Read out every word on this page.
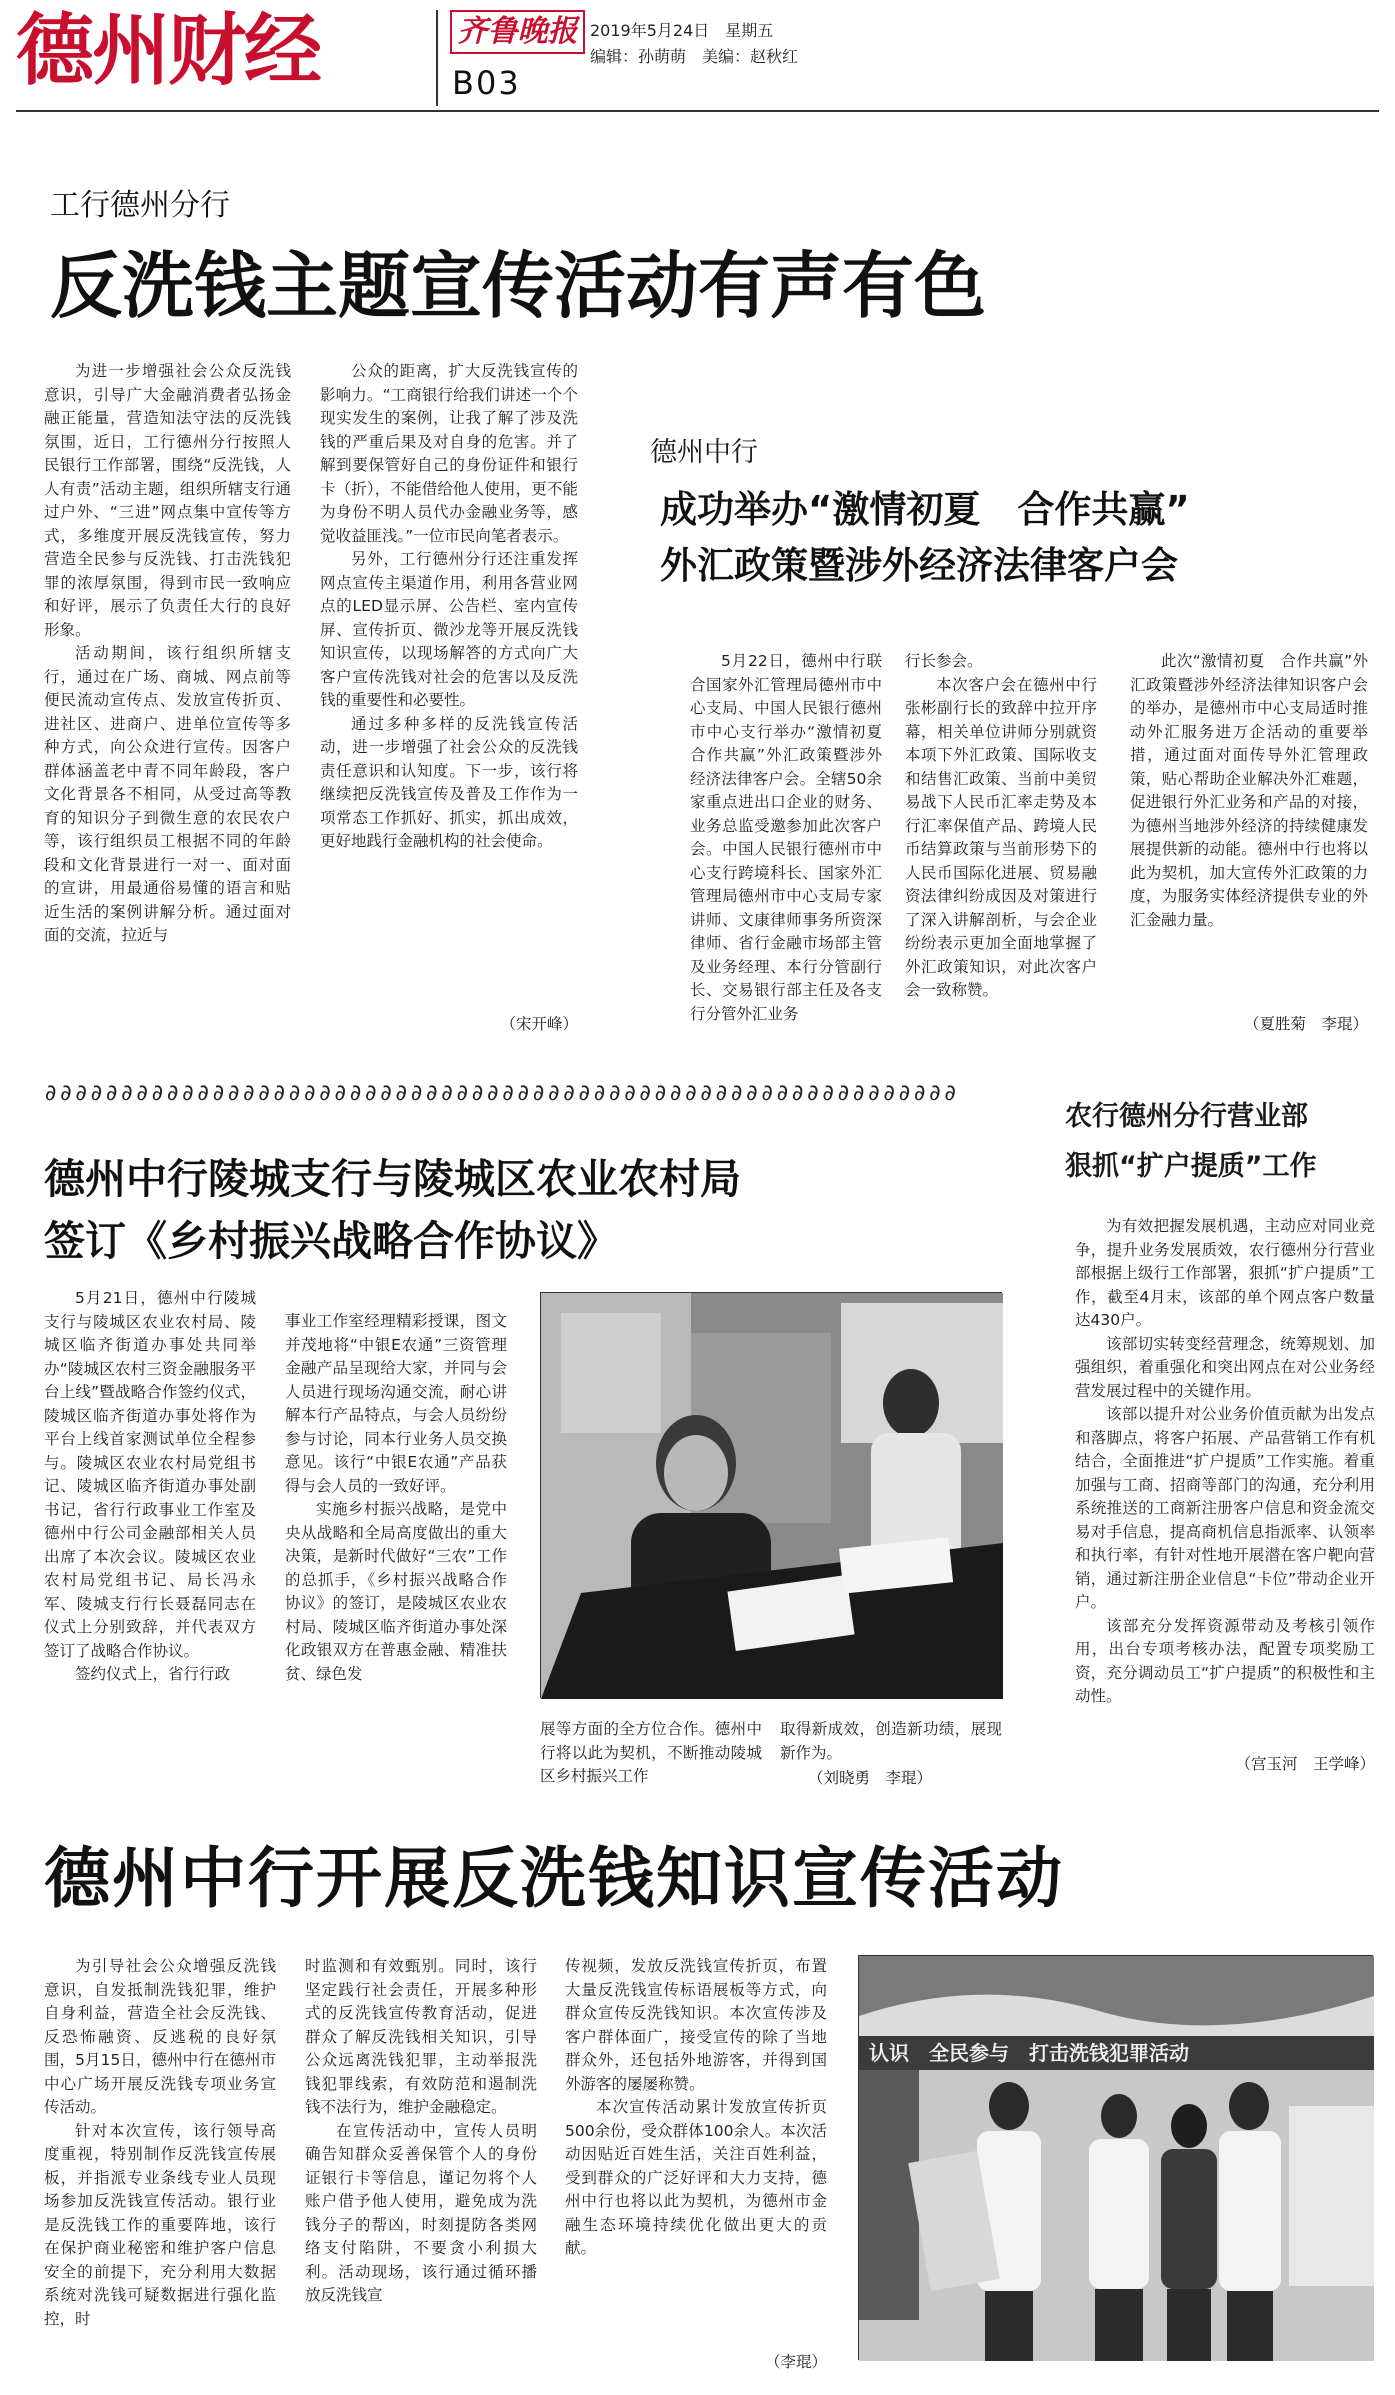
德州财经	齐鲁晚报
B03
2019年5月24日　星期五
编辑：孙萌萌　美编：赵秋红
工行德州分行
反洗钱主题宣传活动有声有色

为进一步增强社会公众反洗钱意识，引导广大金融消费者弘扬金融正能量，营造知法守法的反洗钱氛围，近日，工行德州分行按照人民银行工作部署，围绕“反洗钱，人人有责”活动主题，组织所辖支行通过户外、“三进”网点集中宣传等方式，多维度开展反洗钱宣传，努力营造全民参与反洗钱、打击洗钱犯罪的浓厚氛围，得到市民一致响应和好评，展示了负责任大行的良好形象。

活动期间，该行组织所辖支行，通过在广场、商城、网点前等便民流动宣传点、发放宣传折页、进社区、进商户、进单位宣传等多种方式，向公众进行宣传。因客户群体涵盖老中青不同年龄段，客户文化背景各不相同，从受过高等教育的知识分子到微生意的农民农户等，该行组织员工根据不同的年龄段和文化背景进行一对一、面对面的宣讲，用最通俗易懂的语言和贴近生活的案例讲解分析。通过面对面的交流，拉近与

公众的距离，扩大反洗钱宣传的影响力。“工商银行给我们讲述一个个现实发生的案例，让我了解了涉及洗钱的严重后果及对自身的危害。并了解到要保管好自己的身份证件和银行卡（折），不能借给他人使用，更不能为身份不明人员代办金融业务等，感觉收益匪浅。”一位市民向笔者表示。

另外，工行德州分行还注重发挥网点宣传主渠道作用，利用各营业网点的LED显示屏、公告栏、室内宣传屏、宣传折页、微沙龙等开展反洗钱知识宣传，以现场解答的方式向广大客户宣传洗钱对社会的危害以及反洗钱的重要性和必要性。

通过多种多样的反洗钱宣传活动，进一步增强了社会公众的反洗钱责任意识和认知度。下一步，该行将继续把反洗钱宣传及普及工作作为一项常态工作抓好、抓实，抓出成效，更好地践行金融机构的社会使命。

（宋开峰）
德州中行
成功举办“激情初夏　合作共赢”
外汇政策暨涉外经济法律客户会

5月22日，德州中行联合国家外汇管理局德州市中心支局、中国人民银行德州市中心支行举办“激情初夏　合作共赢”外汇政策暨涉外经济法律客户会。全辖50余家重点进出口企业的财务、业务总监受邀参加此次客户会。中国人民银行德州市中心支行跨境科长、国家外汇管理局德州市中心支局专家讲师、文康律师事务所资深律师、省行金融市场部主管及业务经理、本行分管副行长、交易银行部主任及各支行分管外汇业务

行长参会。

本次客户会在德州中行张彬副行长的致辞中拉开序幕，相关单位讲师分别就资本项下外汇政策、国际收支和结售汇政策、当前中美贸易战下人民币汇率走势及本行汇率保值产品、跨境人民币结算政策与当前形势下的人民币国际化进展、贸易融资法律纠纷成因及对策进行了深入讲解剖析，与会企业纷纷表示更加全面地掌握了外汇政策知识，对此次客户会一致称赞。

此次“激情初夏　合作共赢”外汇政策暨涉外经济法律知识客户会的举办，是德州市中心支局适时推动外汇服务进万企活动的重要举措，通过面对面传导外汇管理政策，贴心帮助企业解决外汇难题，促进银行外汇业务和产品的对接，为德州当地涉外经济的持续健康发展提供新的动能。德州中行也将以此为契机，加大宣传外汇政策的力度，为服务实体经济提供专业的外汇金融力量。

（夏胜菊　李琨）
∂∂∂∂∂∂∂∂∂∂∂∂∂∂∂∂∂∂∂∂∂∂∂∂∂∂∂∂∂∂∂∂∂∂∂∂∂∂∂∂∂∂∂∂∂∂∂∂∂∂∂∂∂∂∂∂∂∂∂∂
德州中行陵城支行与陵城区农业农村局
签订《乡村振兴战略合作协议》

5月21日，德州中行陵城支行与陵城区农业农村局、陵城区临齐街道办事处共同举办“陵城区农村三资金融服务平台上线”暨战略合作签约仪式，陵城区临齐街道办事处将作为平台上线首家测试单位全程参与。陵城区农业农村局党组书记、陵城区临齐街道办事处副书记，省行行政事业工作室及德州中行公司金融部相关人员出席了本次会议。陵城区农业农村局党组书记、局长冯永军、陵城支行行长聂磊同志在仪式上分别致辞，并代表双方签订了战略合作协议。

签约仪式上，省行行政

事业工作室经理精彩授课，图文并茂地将“中银E农通”三资管理金融产品呈现给大家，并同与会人员进行现场沟通交流，耐心讲解本行产品特点，与会人员纷纷参与讨论，同本行业务人员交换意见。该行“中银E农通”产品获得与会人员的一致好评。

实施乡村振兴战略，是党中央从战略和全局高度做出的重大决策，是新时代做好“三农”工作的总抓手，《乡村振兴战略合作协议》的签订，是陵城区农业农村局、陵城区临齐街道办事处深化政银双方在普惠金融、精准扶贫、绿色发

展等方面的全方位合作。德州中行将以此为契机，不断推动陵城区乡村振兴工作

取得新成效，创造新功绩，展现新作为。

（刘晓勇　李琨）
农行德州分行营业部
狠抓“扩户提质”工作

为有效把握发展机遇，主动应对同业竞争，提升业务发展质效，农行德州分行营业部根据上级行工作部署，狠抓“扩户提质”工作，截至4月末，该部的单个网点客户数量达430户。

该部切实转变经营理念，统筹规划、加强组织，着重强化和突出网点在对公业务经营发展过程中的关键作用。

该部以提升对公业务价值贡献为出发点和落脚点，将客户拓展、产品营销工作有机结合，全面推进“扩户提质”工作实施。着重加强与工商、招商等部门的沟通，充分利用系统推送的工商新注册客户信息和资金流交易对手信息，提高商机信息指派率、认领率和执行率，有针对性地开展潜在客户靶向营销，通过新注册企业信息“卡位”带动企业开户。

该部充分发挥资源带动及考核引领作用，出台专项考核办法，配置专项奖励工资，充分调动员工“扩户提质”的积极性和主动性。

（宫玉河　王学峰）
德州中行开展反洗钱知识宣传活动

为引导社会公众增强反洗钱意识，自发抵制洗钱犯罪，维护自身利益，营造全社会反洗钱、反恐怖融资、反逃税的良好氛围，5月15日，德州中行在德州市中心广场开展反洗钱专项业务宣传活动。

针对本次宣传，该行领导高度重视，特别制作反洗钱宣传展板，并指派专业条线专业人员现场参加反洗钱宣传活动。银行业是反洗钱工作的重要阵地，该行在保护商业秘密和维护客户信息安全的前提下，充分利用大数据系统对洗钱可疑数据进行强化监控，时

时监测和有效甄别。同时，该行坚定践行社会责任，开展多种形式的反洗钱宣传教育活动，促进群众了解反洗钱相关知识，引导公众远离洗钱犯罪，主动举报洗钱犯罪线索，有效防范和遏制洗钱不法行为，维护金融稳定。

在宣传活动中，宣传人员明确告知群众妥善保管个人的身份证银行卡等信息，谨记勿将个人账户借予他人使用，避免成为洗钱分子的帮凶，时刻提防各类网络支付陷阱，不要贪小利损大利。活动现场，该行通过循环播放反洗钱宣

传视频，发放反洗钱宣传折页，布置大量反洗钱宣传标语展板等方式，向群众宣传反洗钱知识。本次宣传涉及客户群体面广，接受宣传的除了当地群众外，还包括外地游客，并得到国外游客的屡屡称赞。

本次宣传活动累计发放宣传折页500余份，受众群体100余人。本次活动因贴近百姓生活，关注百姓利益，受到群众的广泛好评和大力支持，德州中行也将以此为契机，为德州市金融生态环境持续优化做出更大的贡献。

（李琨）
认识　全民参与　打击洗钱犯罪活动
